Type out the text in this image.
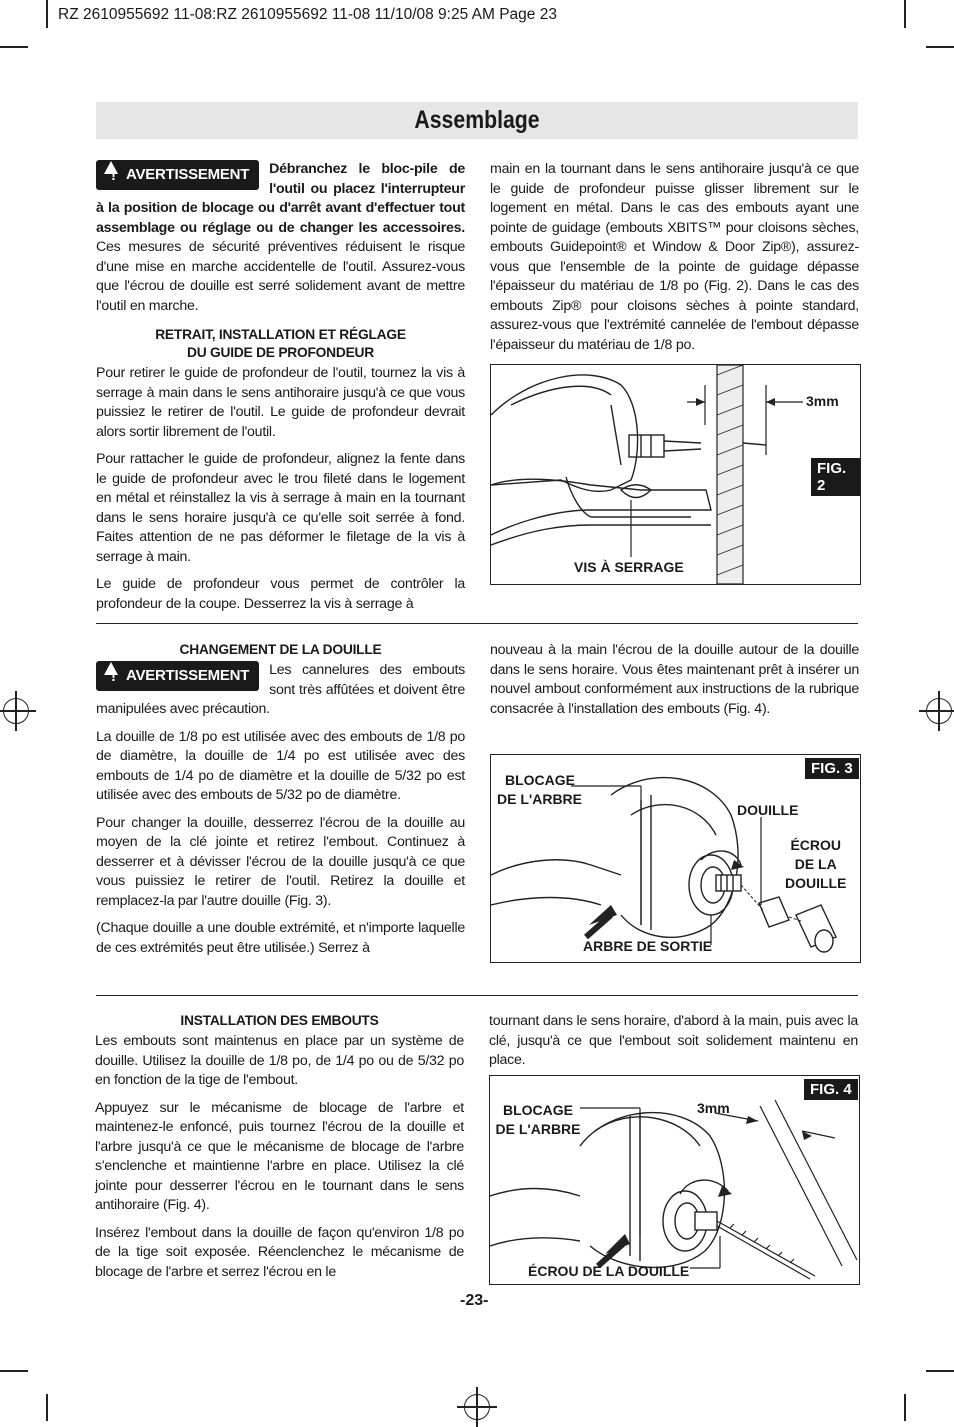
RZ 2610955692 11-08:RZ 2610955692 11-08 11/10/08 9:25 AM Page 23
Assemblage

!AVERTISSEMENT	Débranchez le bloc-pile de l'outil ou placez l'interrupteur à la position de blocage ou d'arrêt avant d'effectuer tout assemblage ou réglage ou de changer les accessoires. Ces mesures de sécurité préventives réduisent le risque d'une mise en marche accidentelle de l'outil. Assurez-vous que l'écrou de douille est serré solidement avant de mettre l'outil en marche.

RETRAIT, INSTALLATION ET RÉGLAGE
DU GUIDE DE PROFONDEUR

Pour retirer le guide de profondeur de l'outil, tournez la vis à serrage à main dans le sens antihoraire jusqu'à ce que vous puissiez le retirer de l'outil. Le guide de profondeur devrait alors sortir librement de l'outil.

Pour rattacher le guide de profondeur, alignez la fente dans le guide de profondeur avec le trou fileté dans le logement en métal et réinstallez la vis à serrage à main en la tournant dans le sens horaire jusqu'à ce qu'elle soit serrée à fond. Faites attention de ne pas déformer le filetage de la vis à serrage à main.

Le guide de profondeur vous permet de contrôler la profondeur de la coupe. Desserrez la vis à serrage à

main en la tournant dans le sens antihoraire jusqu'à ce que le guide de profondeur puisse glisser librement sur le logement en métal. Dans le cas des embouts ayant une pointe de guidage (embouts XBITS™ pour cloisons sèches, embouts Guidepoint® et Window & Door Zip®), assurez-vous que l'ensemble de la pointe de guidage dépasse l'épaisseur du matériau de 1/8 po (Fig. 2). Dans le cas des embouts Zip® pour cloisons sèches à pointe standard, assurez-vous que l'extrémité cannelée de l'embout dépasse l'épaisseur du matériau de 1/8 po.

FIG. 2
3mm
VIS À SERRAGE
CHANGEMENT DE LA DOUILLE

!AVERTISSEMENT	Les cannelures des embouts sont très affûtées et doivent être manipulées avec précaution.

La douille de 1/8 po est utilisée avec des embouts de 1/8 po de diamètre, la douille de 1/4 po est utilisée avec des embouts de 1/4 po de diamètre et la douille de 5/32 po est utilisée avec des embouts de 5/32 po de diamètre.

Pour changer la douille, desserrez l'écrou de la douille au moyen de la clé jointe et retirez l'embout. Continuez à desserrer et à dévisser l'écrou de la douille jusqu'à ce que vous puissiez le retirer de l'outil. Retirez la douille et remplacez-la par l'autre douille (Fig. 3).

(Chaque douille a une double extrémité, et n'importe laquelle de ces extrémités peut être utilisée.) Serrez à

nouveau à la main l'écrou de la douille autour de la douille dans le sens horaire. Vous êtes maintenant prêt à insérer un nouvel ambout conformément aux instructions de la rubrique consacrée à l'installation des embouts (Fig. 4).

FIG. 3
BLOCAGE
DE L'ARBRE
DOUILLE
ÉCROU
DE LA
DOUILLE
ARBRE DE SORTIE
INSTALLATION DES EMBOUTS

Les embouts sont maintenus en place par un système de douille. Utilisez la douille de 1/8 po, de 1/4 po ou de 5/32 po en fonction de la tige de l'embout.

Appuyez sur le mécanisme de blocage de l'arbre et maintenez-le enfoncé, puis tournez l'écrou de la douille et l'arbre jusqu'à ce que le mécanisme de blocage de l'arbre s'enclenche et maintienne l'arbre en place. Utilisez la clé jointe pour desserrer l'écrou en le tournant dans le sens antihoraire (Fig. 4).

Insérez l'embout dans la douille de façon qu'environ 1/8 po de la tige soit exposée. Réenclenchez le mécanisme de blocage de l'arbre et serrez l'écrou en le

tournant dans le sens horaire, d'abord à la main, puis avec la clé, jusqu'à ce que l'embout soit solidement maintenu en place.

FIG. 4
3mm
BLOCAGE
DE L'ARBRE
ÉCROU DE LA DOUILLE
-23-
